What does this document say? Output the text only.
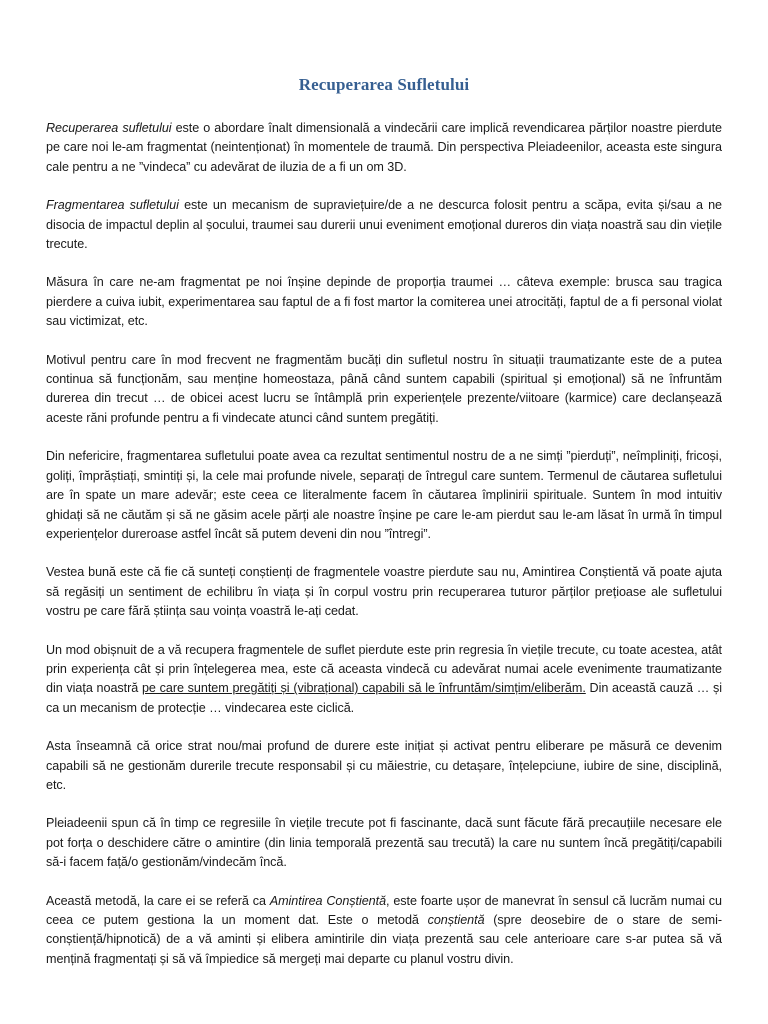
Recuperarea Sufletului

Recuperarea sufletului este o abordare înalt dimensională a vindecării care implică revendicarea părților noastre pierdute pe care noi le-am fragmentat (neintenționat) în momentele de traumă. Din perspectiva Pleiadeenilor, aceasta este singura cale pentru a ne ”vindeca” cu adevărat de iluzia de a fi un om 3D.

Fragmentarea sufletului este un mecanism de supraviețuire/de a ne descurca folosit pentru a scăpa, evita și/sau a ne disocia de impactul deplin al șocului, traumei sau durerii unui eveniment emoțional dureros din viața noastră sau din viețile trecute.

Măsura în care ne-am fragmentat pe noi înșine depinde de proporția traumei … câteva exemple: brusca sau tragica pierdere a cuiva iubit, experimentarea sau faptul de a fi fost martor la comiterea unei atrocități, faptul de a fi personal violat sau victimizat, etc.

Motivul pentru care în mod frecvent ne fragmentăm bucăți din sufletul nostru în situații traumatizante este de a putea continua să funcționăm, sau menține homeostaza, până când suntem capabili (spiritual și emoțional) să ne înfruntăm durerea din trecut … de obicei acest lucru se întâmplă prin experiențele prezente/viitoare (karmice) care declanșează aceste răni profunde pentru a fi vindecate atunci când suntem pregătiți.

Din nefericire, fragmentarea sufletului poate avea ca rezultat sentimentul nostru de a ne simți ”pierduți”, neîmpliniți, fricoși, goliți, împrăștiați, smintiți și, la cele mai profunde nivele, separați de întregul care suntem. Termenul de căutarea sufletului are în spate un mare adevăr; este ceea ce literalmente facem în căutarea împlinirii spirituale. Suntem în mod intuitiv ghidați să ne căutăm și să ne găsim acele părți ale noastre înșine pe care le-am pierdut sau le-am lăsat în urmă în timpul experiențelor dureroase astfel încât să putem deveni din nou ”întregi”.

Vestea bună este că fie că sunteți conștienți de fragmentele voastre pierdute sau nu, Amintirea Conștientă vă poate ajuta să regăsiți un sentiment de echilibru în viața și în corpul vostru prin recuperarea tuturor părților prețioase ale sufletului vostru pe care fără știința sau voința voastră le-ați cedat.

Un mod obișnuit de a vă recupera fragmentele de suflet pierdute este prin regresia în viețile trecute, cu toate acestea, atât prin experiența cât și prin înțelegerea mea, este că aceasta vindecă cu adevărat numai acele evenimente traumatizante din viața noastră pe care suntem pregătiți și (vibrațional) capabili să le înfruntăm/simțim/eliberăm. Din această cauză … și ca un mecanism de protecție … vindecarea este ciclică.

Asta înseamnă că orice strat nou/mai profund de durere este inițiat și activat pentru eliberare pe măsură ce devenim capabili să ne gestionăm durerile trecute responsabil și cu măiestrie, cu detașare, înțelepciune, iubire de sine, disciplină, etc.

Pleiadeenii spun că în timp ce regresiile în viețile trecute pot fi fascinante, dacă sunt făcute fără precauțiile necesare ele pot forța o deschidere către o amintire (din linia temporală prezentă sau trecută) la care nu suntem încă pregătiți/capabili să-i facem față/o gestionăm/vindecăm încă.

Această metodă, la care ei se referă ca Amintirea Conștientă, este foarte ușor de manevrat în sensul că lucrăm numai cu ceea ce putem gestiona la un moment dat. Este o metodă conștientă (spre deosebire de o stare de semi-conștiență/hipnotică) de a vă aminti și elibera amintirile din viața prezentă sau cele anterioare care s-ar putea să vă mențină fragmentați și să vă împiedice să mergeți mai departe cu planul vostru divin.
